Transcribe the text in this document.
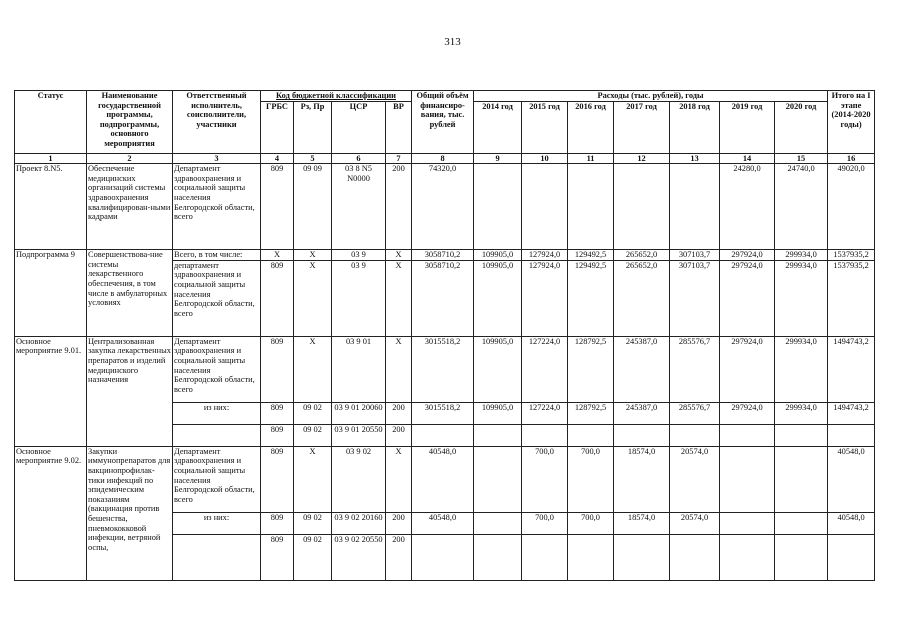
313
Статус	Наименование государственной программы, подпрограммы, основного мероприятия	Ответственный исполнитель, соисполнители, участники	Код бюджетной классификации				Общий объём финансиро-вания, тыс. рублей	Расходы (тыс. рублей), годы							Итого на I этапе (2014-2020 годы)
			ГРБС	Рз, Пр	ЦСР	ВР		2014 год	2015 год	2016 год	2017 год	2018 год	2019 год	2020 год	
1	2	3	4	5	6	7	8	9	10	11	12	13	14	15	16
Проект 8.N5.	Обеспечение медицинских организаций системы здравоохранения квалифицирован-ными кадрами	Департамент здравоохранения и социальной защиты населения Белгородской области, всего	809	09 09	03 8 N5 N0000	200	74320,0						24280,0	24740,0	49020,0
Подпрограмма 9	Совершенствова-ние системы лекарственного обеспечения, в том числе в амбулаторных условиях	Всего, в том числе:	X	X	03 9	X	3058710,2	109905,0	127924,0	129492,5	265652,0	307103,7	297924,0	299934,0	1537935,2
		департамент здравоохранения и социальной защиты населения Белгородской области, всего	809	X	03 9	X	3058710,2	109905,0	127924,0	129492,5	265652,0	307103,7	297924,0	299934,0	1537935,2
Основное мероприятие 9.01.	Централизованная закупка лекарственных препаратов и изделий медицинского назначения	Департамент здравоохранения и социальной защиты населения Белгородской области, всего	809	X	03 9 01	X	3015518,2	109905,0	127224,0	128792,5	245387,0	285576,7	297924,0	299934,0	1494743,2
		из них:	809	09 02	03 9 01 20060	200	3015518,2	109905,0	127224,0	128792,5	245387,0	285576,7	297924,0	299934,0	1494743,2
			809	09 02	03 9 01 20550	200									
Основное мероприятие 9.02.	Закупки иммунопрепаратов для вакцинопрофилак-тики инфекций по эпидемическим показаниям (вакцинация против бешенства, пневмококковой инфекции, ветряной оспы,	Департамент здравоохранения и социальной защиты населения Белгородской области, всего	809	X	03 9 02	X	40548,0		700,0	700,0	18574,0	20574,0			40548,0
		из них:	809	09 02	03 9 02 20160	200	40548,0		700,0	700,0	18574,0	20574,0			40548,0
			809	09 02	03 9 02 20550	200									
